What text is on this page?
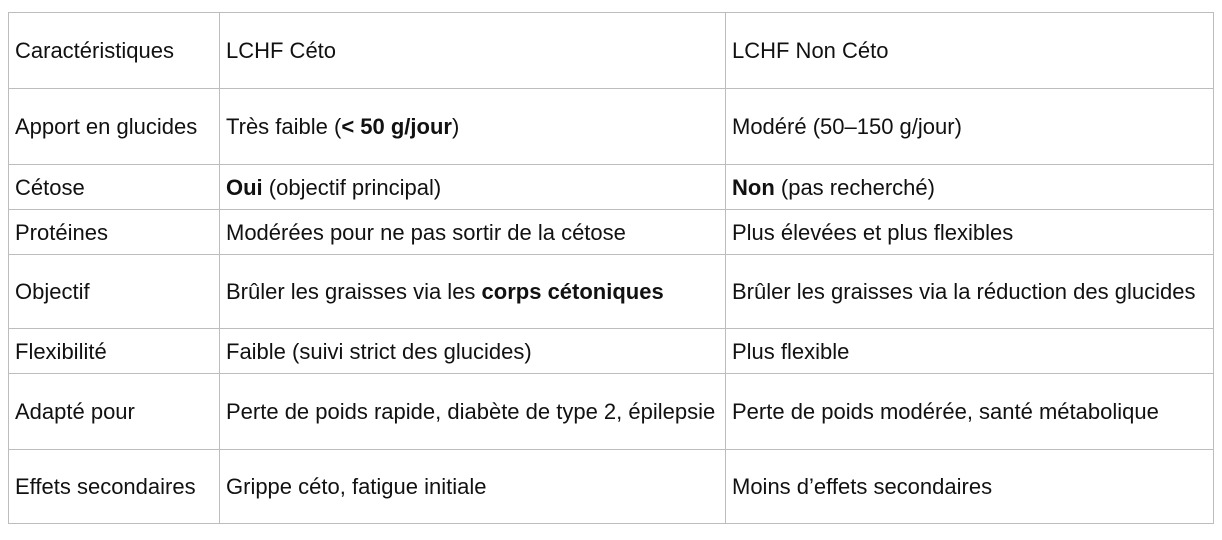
Caractéristiques	LCHF Céto	LCHF Non Céto
Apport en glucides	Très faible (< 50 g/jour)	Modéré (50–150 g/jour)
Cétose	Oui (objectif principal)	Non (pas recherché)
Protéines	Modérées pour ne pas sortir de la cétose	Plus élevées et plus flexibles
Objectif	Brûler les graisses via les corps cétoniques	Brûler les graisses via la réduction des glucides
Flexibilité	Faible (suivi strict des glucides)	Plus flexible
Adapté pour	Perte de poids rapide, diabète de type 2, épilepsie	Perte de poids modérée, santé métabolique
Effets secondaires	Grippe céto, fatigue initiale	Moins d’effets secondaires
